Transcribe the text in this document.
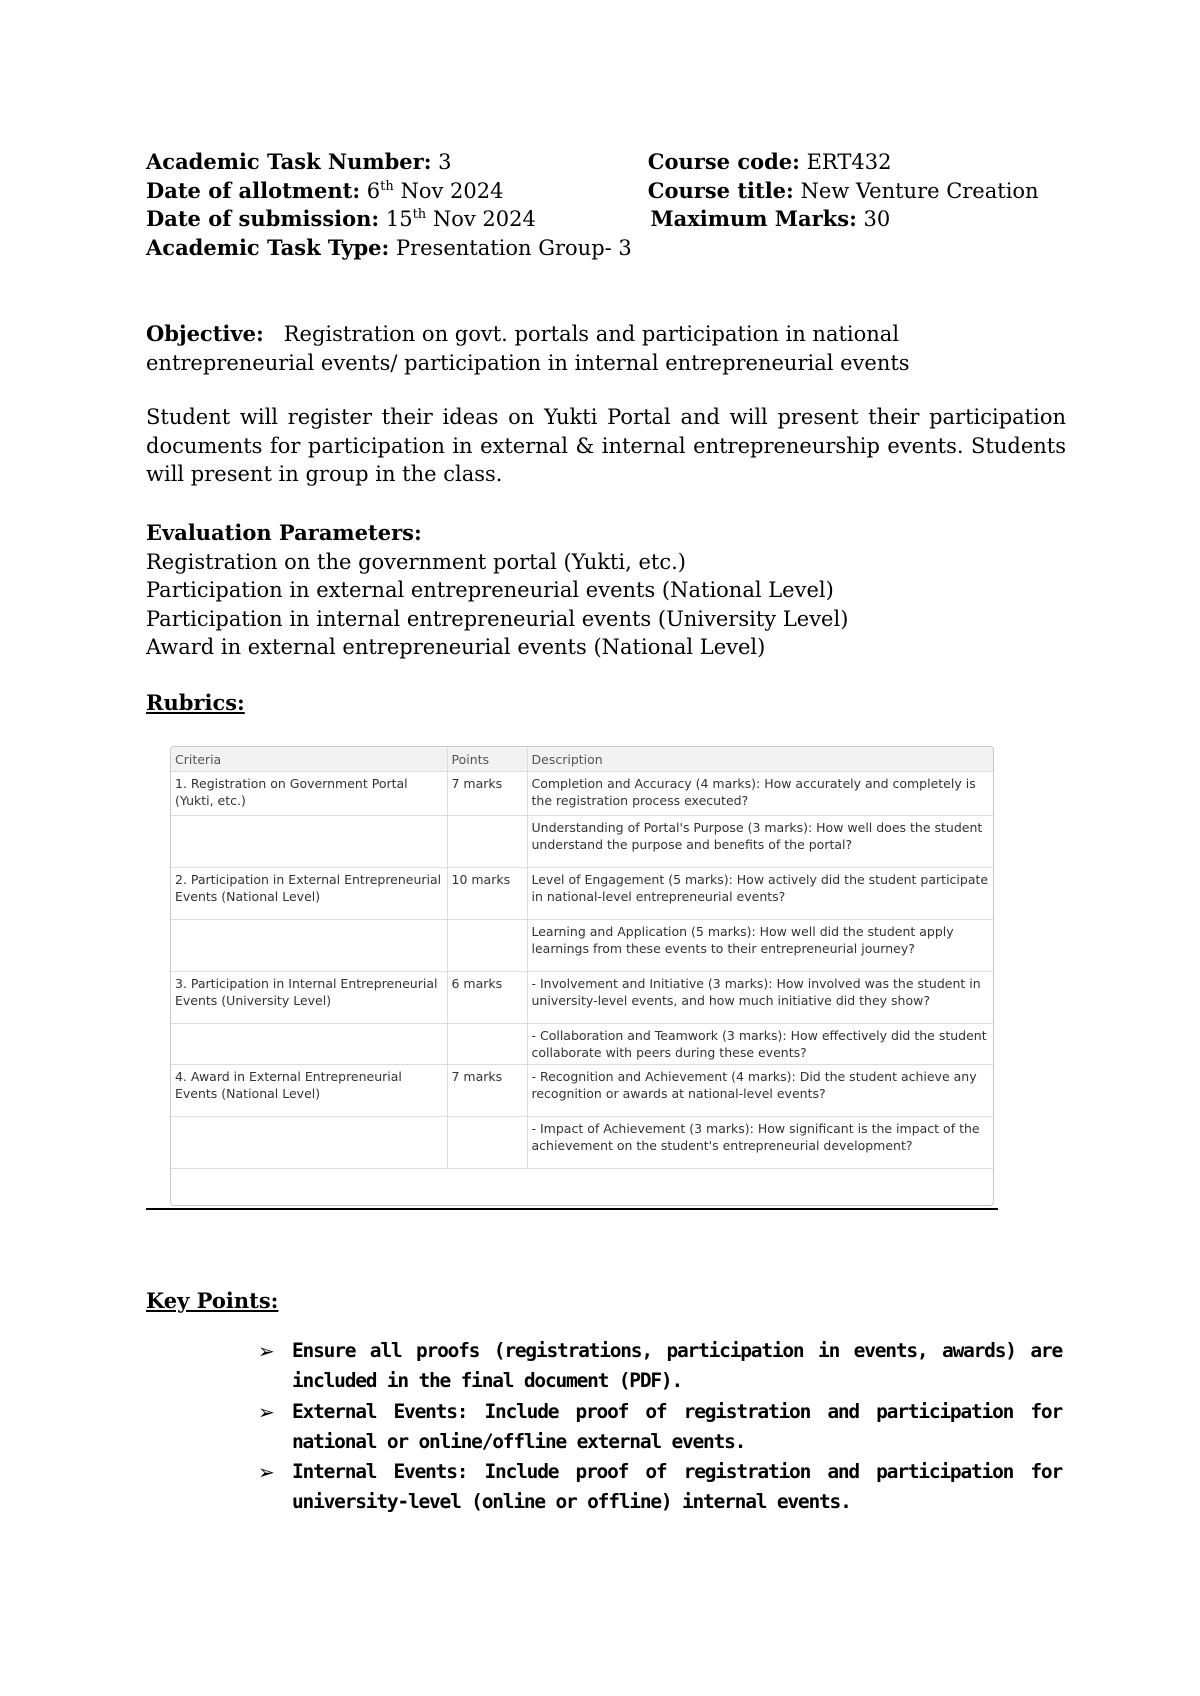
Academic Task Number: 3	Course code: ERT432
Date of allotment: 6th Nov 2024	Course title: New Venture Creation
Date of submission: 15th Nov 2024	Maximum Marks: 30
Academic Task Type: Presentation Group- 3
Objective: Registration on govt. portals and participation in national entrepreneurial events/ participation in internal entrepreneurial events
Student will register their ideas on Yukti Portal and will present their participation documents for participation in external & internal entrepreneurship events. Students will present in group in the class.
Evaluation Parameters:
Registration on the government portal (Yukti, etc.)
Participation in external entrepreneurial events (National Level)
Participation in internal entrepreneurial events (University Level)
Award in external entrepreneurial events (National Level)
Rubrics:
Criteria	Points	Description
1. Registration on Government Portal (Yukti, etc.)	7 marks	Completion and Accuracy (4 marks): How accurately and completely is the registration process executed?
		Understanding of Portal's Purpose (3 marks): How well does the student understand the purpose and benefits of the portal?
2. Participation in External Entrepreneurial Events (National Level)	10 marks	Level of Engagement (5 marks): How actively did the student participate in national-level entrepreneurial events?
		Learning and Application (5 marks): How well did the student apply learnings from these events to their entrepreneurial journey?
3. Participation in Internal Entrepreneurial Events (University Level)	6 marks	- Involvement and Initiative (3 marks): How involved was the student in university-level events, and how much initiative did they show?
		- Collaboration and Teamwork (3 marks): How effectively did the student collaborate with peers during these events?
4. Award in External Entrepreneurial Events (National Level)	7 marks	- Recognition and Achievement (4 marks): Did the student achieve any recognition or awards at national-level events?
		- Impact of Achievement (3 marks): How significant is the impact of the achievement on the student's entrepreneurial development?
Key Points:
➢ Ensure all proofs (registrations, participation in events, awards) are included in the final document (PDF).
➢ External Events: Include proof of registration and participation for national or online/offline external events.
➢ Internal Events: Include proof of registration and participation for university-level (online or offline) internal events.
